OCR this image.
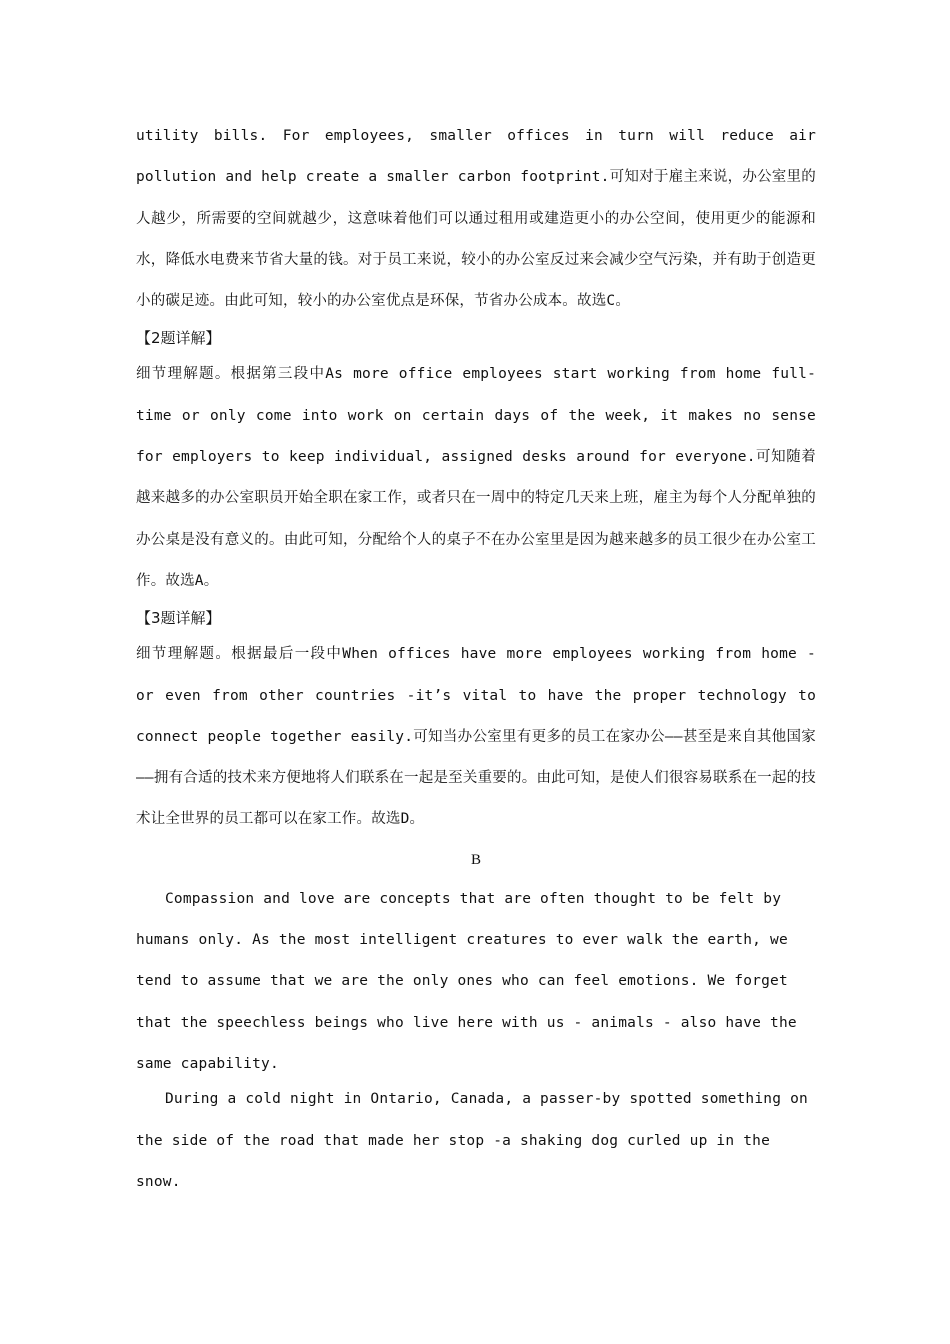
utility bills. For employees, smaller offices in turn will reduce air pollution and help create a smaller carbon footprint.可知对于雇主来说，办公室里的人越少，所需要的空间就越少，这意味着他们可以通过租用或建造更小的办公空间，使用更少的能源和水，降低水电费来节省大量的钱。对于员工来说，较小的办公室反过来会减少空气污染，并有助于创造更小的碳足迹。由此可知，较小的办公室优点是环保，节省办公成本。故选C。

【2题详解】

细节理解题。根据第三段中As more office employees start working from home full-time or only come into work on certain days of the week, it makes no sense for employers to keep individual, assigned desks around for everyone.可知随着越来越多的办公室职员开始全职在家工作，或者只在一周中的特定几天来上班，雇主为每个人分配单独的办公桌是没有意义的。由此可知，分配给个人的桌子不在办公室里是因为越来越多的员工很少在办公室工作。故选A。

【3题详解】

细节理解题。根据最后一段中When offices have more employees working from home - or even from other countries -it’s vital to have the proper technology to connect people together easily.可知当办公室里有更多的员工在家办公——甚至是来自其他国家——拥有合适的技术来方便地将人们联系在一起是至关重要的。由此可知，是使人们很容易联系在一起的技术让全世界的员工都可以在家工作。故选D。

B

Compassion and love are concepts that are often thought to be felt by humans only. As the most intelligent creatures to ever walk the earth, we tend to assume that we are the only ones who can feel emotions. We forget that the speechless beings who live here with us - animals - also have the same capability.

During a cold night in Ontario, Canada, a passer-by spotted something on the side of the road that made her stop -a shaking dog curled up in the snow.
